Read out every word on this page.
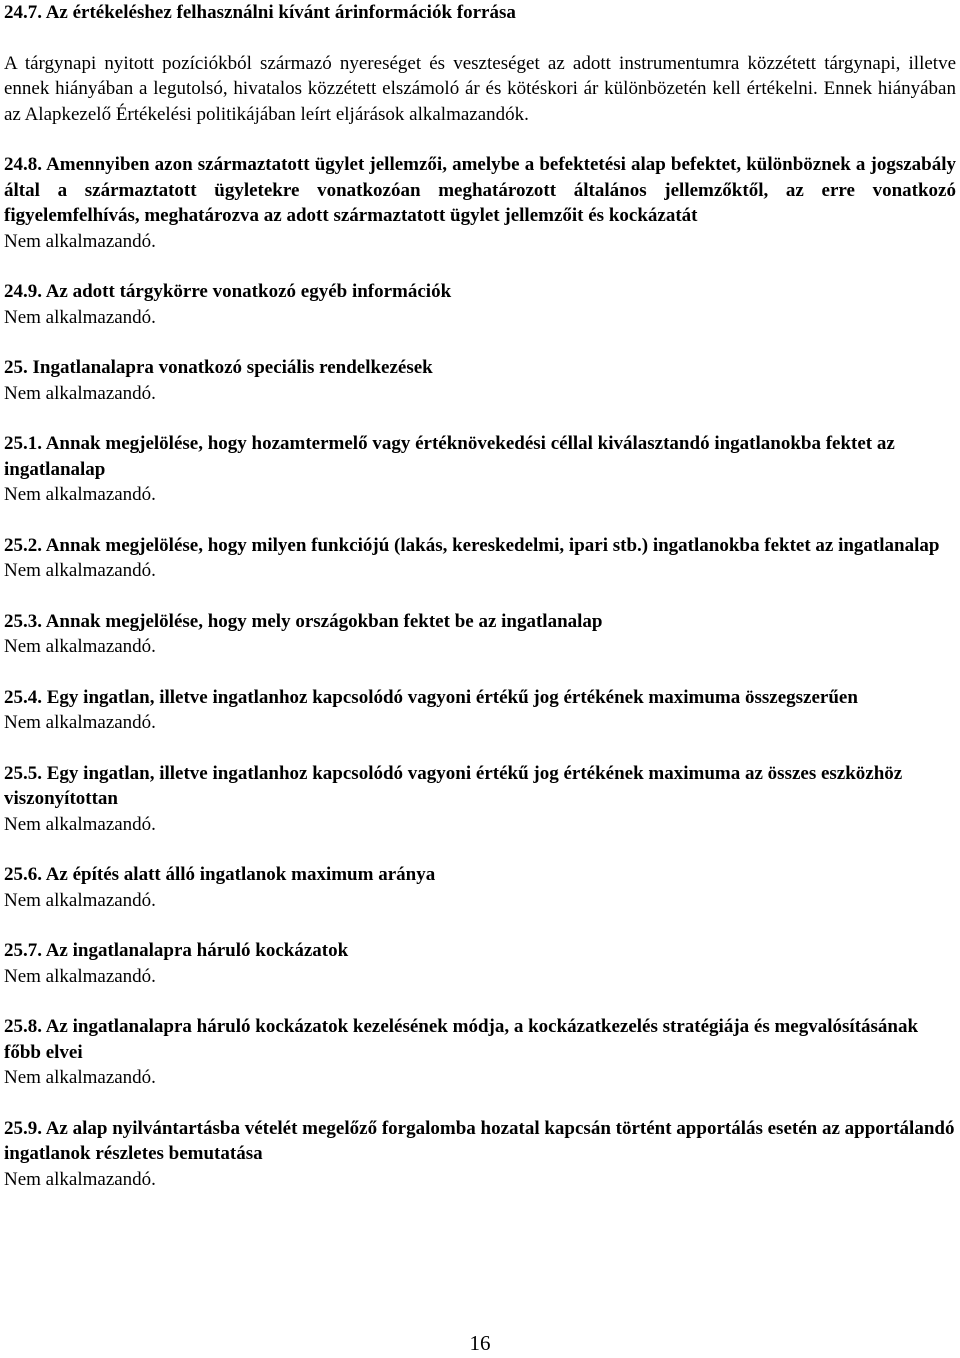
24.7. Az értékeléshez felhasználni kívánt árinformációk forrása

A tárgynapi nyitott pozíciókból származó nyereséget és veszteséget az adott instrumentumra közzétett tárgynapi, illetve ennek hiányában a legutolsó, hivatalos közzétett elszámoló ár és kötéskori ár különbözetén kell értékelni. Ennek hiányában az Alapkezelő Értékelési politikájában leírt eljárások alkalmazandók.

24.8. Amennyiben azon származtatott ügylet jellemzői, amelybe a befektetési alap befektet, különböznek a jogszabály által a származtatott ügyletekre vonatkozóan meghatározott általános jellemzőktől, az erre vonatkozó figyelemfelhívás, meghatározva az adott származtatott ügylet jellemzőit és kockázatát

Nem alkalmazandó.

24.9. Az adott tárgykörre vonatkozó egyéb információk

Nem alkalmazandó.

25. Ingatlanalapra vonatkozó speciális rendelkezések

Nem alkalmazandó.

25.1. Annak megjelölése, hogy hozamtermelő vagy értéknövekedési céllal kiválasztandó ingatlanokba fektet az ingatlanalap

Nem alkalmazandó.

25.2. Annak megjelölése, hogy milyen funkciójú (lakás, kereskedelmi, ipari stb.) ingatlanokba fektet az ingatlanalap

Nem alkalmazandó.

25.3. Annak megjelölése, hogy mely országokban fektet be az ingatlanalap

Nem alkalmazandó.

25.4. Egy ingatlan, illetve ingatlanhoz kapcsolódó vagyoni értékű jog értékének maximuma összegszerűen

Nem alkalmazandó.

25.5. Egy ingatlan, illetve ingatlanhoz kapcsolódó vagyoni értékű jog értékének maximuma az összes eszközhöz viszonyítottan

Nem alkalmazandó.

25.6. Az építés alatt álló ingatlanok maximum aránya

Nem alkalmazandó.

25.7. Az ingatlanalapra háruló kockázatok

Nem alkalmazandó.

25.8. Az ingatlanalapra háruló kockázatok kezelésének módja, a kockázatkezelés stratégiája és megvalósításának főbb elvei

Nem alkalmazandó.

25.9. Az alap nyilvántartásba vételét megelőző forgalomba hozatal kapcsán történt apportálás esetén az apportálandó ingatlanok részletes bemutatása

Nem alkalmazandó.

16
